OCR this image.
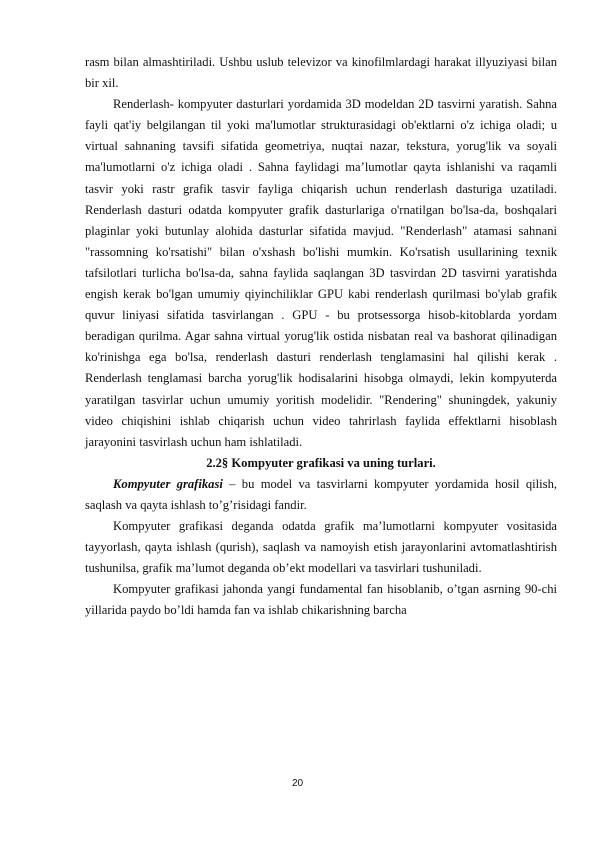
rasm bilan almashtiriladi. Ushbu uslub televizor va kinofilmlardagi harakat illyuziyasi bilan bir xil.

Renderlash- kompyuter dasturlari yordamida 3D modeldan 2D tasvirni yaratish. Sahna fayli qat'iy belgilangan til yoki ma'lumotlar strukturasidagi ob'ektlarni o'z ichiga oladi; u virtual sahnaning tavsifi sifatida geometriya, nuqtai nazar, tekstura, yorug'lik va soyali ma'lumotlarni o'z ichiga oladi . Sahna faylidagi maʼlumotlar qayta ishlanishi va raqamli tasvir yoki rastr grafik tasvir fayliga chiqarish uchun renderlash dasturiga uzatiladi. Renderlash dasturi odatda kompyuter grafik dasturlariga o'rnatilgan bo'lsa-da, boshqalari plaginlar yoki butunlay alohida dasturlar sifatida mavjud. "Renderlash" atamasi sahnani "rassomning ko'rsatishi" bilan o'xshash bo'lishi mumkin. Ko'rsatish usullarining texnik tafsilotlari turlicha bo'lsa-da, sahna faylida saqlangan 3D tasvirdan 2D tasvirni yaratishda engish kerak bo'lgan umumiy qiyinchiliklar GPU kabi renderlash qurilmasi bo'ylab grafik quvur liniyasi sifatida tasvirlangan . GPU - bu protsessorga hisob-kitoblarda yordam beradigan qurilma. Agar sahna virtual yorug'lik ostida nisbatan real va bashorat qilinadigan ko'rinishga ega bo'lsa, renderlash dasturi renderlash tenglamasini hal qilishi kerak . Renderlash tenglamasi barcha yorug'lik hodisalarini hisobga olmaydi, lekin kompyuterda yaratilgan tasvirlar uchun umumiy yoritish modelidir. "Rendering" shuningdek, yakuniy video chiqishini ishlab chiqarish uchun video tahrirlash faylida effektlarni hisoblash jarayonini tasvirlash uchun ham ishlatiladi.

2.2§ Kompyuter grafikasi va uning turlari.

Kompyuter grafikasi – bu model va tasvirlarni kompyuter yordamida hosil qilish, saqlash va qayta ishlash to’g’risidagi fandir.

Kompyuter grafikasi deganda odatda grafik ma’lumotlarni kompyuter vositasida tayyorlash, qayta ishlash (qurish), saqlash va namoyish etish jarayonlarini avtomatlashtirish tushunilsa, grafik ma’lumot deganda ob’ekt modellari va tasvirlari tushuniladi.

Kompyuter grafikasi jahonda yangi fundamental fan hisoblanib, o’tgan asrning 90-chi yillarida paydo bo’ldi hamda fan va ishlab chikarishning barcha

20
